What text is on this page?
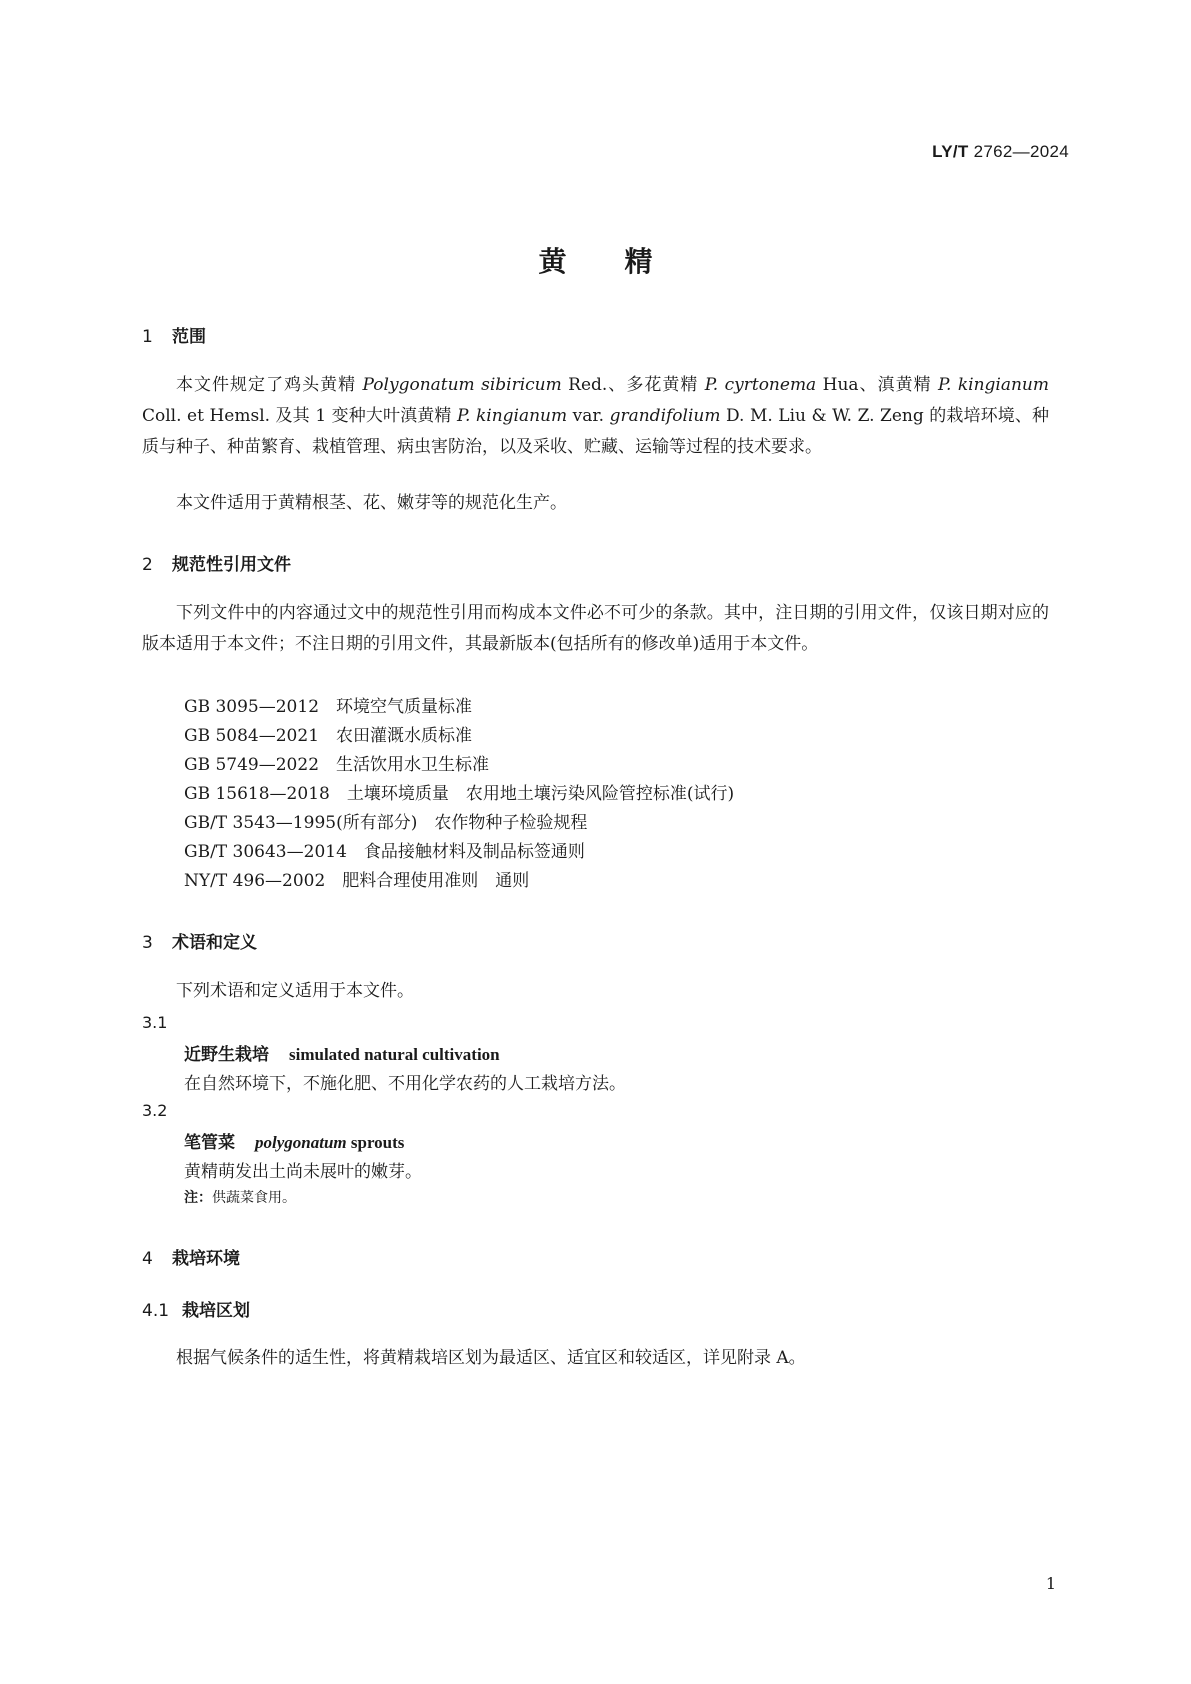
LY/T 2762—2024
黄精
1 范围
本文件规定了鸡头黄精 Polygonatum sibiricum Red.、多花黄精 P. cyrtonema Hua、滇黄精 P. kingianum Coll. et Hemsl. 及其 1 变种大叶滇黄精 P. kingianum var. grandifolium D. M. Liu & W. Z. Zeng 的栽培环境、种质与种子、种苗繁育、栽植管理、病虫害防治，以及采收、贮藏、运输等过程的技术要求。
本文件适用于黄精根茎、花、嫩芽等的规范化生产。
2 规范性引用文件
下列文件中的内容通过文中的规范性引用而构成本文件必不可少的条款。其中，注日期的引用文件，仅该日期对应的版本适用于本文件；不注日期的引用文件，其最新版本(包括所有的修改单)适用于本文件。
GB 3095—2012　环境空气质量标准
GB 5084—2021　农田灌溉水质标准
GB 5749—2022　生活饮用水卫生标准
GB 15618—2018　土壤环境质量　农用地土壤污染风险管控标准(试行)
GB/T 3543—1995(所有部分)　农作物种子检验规程
GB/T 30643—2014　食品接触材料及制品标签通则
NY/T 496—2002　肥料合理使用准则　通则
3 术语和定义
下列术语和定义适用于本文件。
3.1
近野生栽培 simulated natural cultivation
在自然环境下，不施化肥、不用化学农药的人工栽培方法。
3.2
笔管菜 polygonatum sprouts
黄精萌发出土尚未展叶的嫩芽。
注：供蔬菜食用。
4 栽培环境
4.1 栽培区划
根据气候条件的适生性，将黄精栽培区划为最适区、适宜区和较适区，详见附录 A。
1
